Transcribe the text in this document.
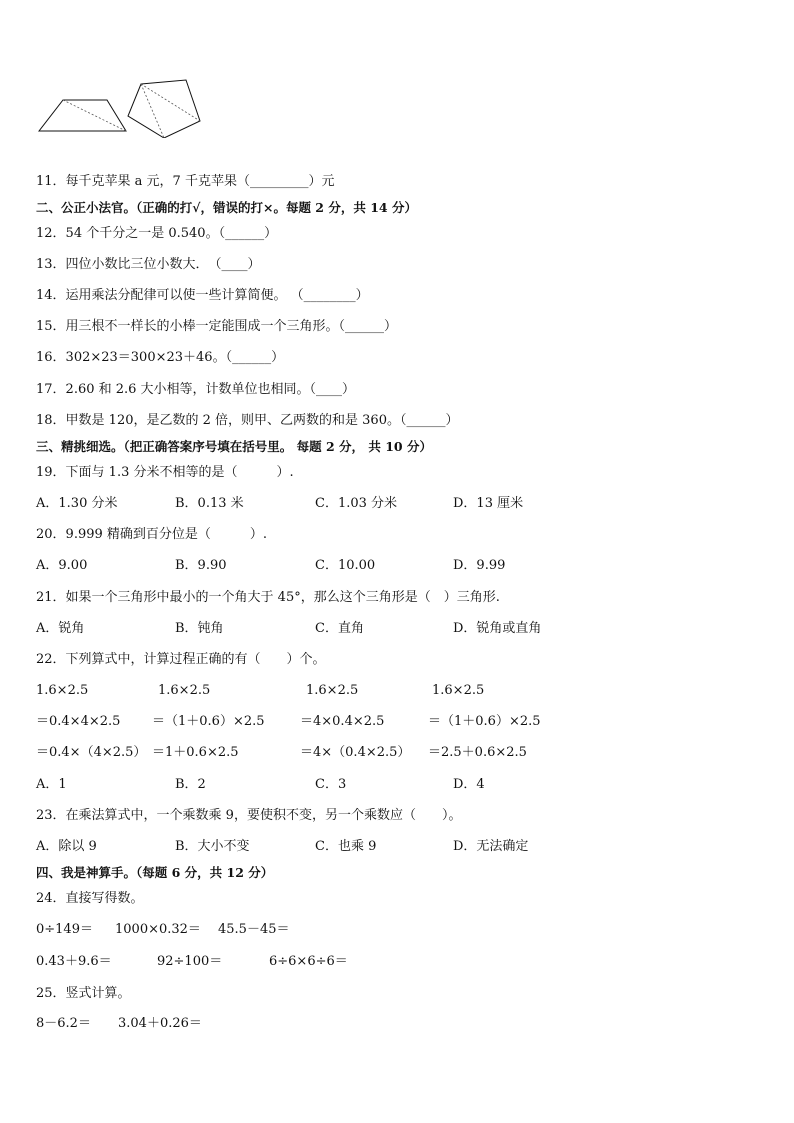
11．每千克苹果 a 元，7 千克苹果（_________）元
二、公正小法官。（正确的打√，错误的打×。每题 2 分，共 14 分）
12．54 个千分之一是 0.540。（______）
13．四位小数比三位小数大．　（____）
14．运用乘法分配律可以使一些计算简便。 （________）
15．用三根不一样长的小棒一定能围成一个三角形。（______）
16．302×23＝300×23＋46。（______）
17．2.60 和 2.6 大小相等，计数单位也相同。（____）
18．甲数是 120，是乙数的 2 倍，则甲、乙两数的和是 360。（______）
三、精挑细选。（把正确答案序号填在括号里。 每题 2 分， 共 10 分）
19．下面与 1.3 分米不相等的是（　　　）.
A．1.30 分米	B．0.13 米	C．1.03 分米	D．13 厘米
20．9.999 精确到百分位是（　　　）.
A．9.00	B．9.90	C．10.00	D．9.99
21．如果一个三角形中最小的一个角大于 45°，那么这个三角形是（　）三角形.
A．锐角	B．钝角	C．直角	D．锐角或直角
22．下列算式中，计算过程正确的有（　　）个。
1.6×2.5	1.6×2.5	1.6×2.5	1.6×2.5
＝0.4×4×2.5 ＝（1＋0.6）×2.5	＝4×0.4×2.5	＝（1＋0.6）×2.5
＝0.4×（4×2.5） ＝1＋0.6×2.5	＝4×（0.4×2.5） ＝2.5＋0.6×2.5
A．1	B．2	C．3	D．4
23．在乘法算式中，一个乘数乘 9，要使积不变，另一个乘数应（　　）。
A．除以 9	B．大小不变	C．也乘 9	D．无法确定
四、我是神算手。（每题 6 分，共 12 分）
24．直接写得数。
0÷149＝ 1000×0.32＝ 45.5－45＝
0.43＋9.6＝	92÷100＝	6÷6×6÷6＝
25．竖式计算。
8－6.2＝ 3.04＋0.26＝
